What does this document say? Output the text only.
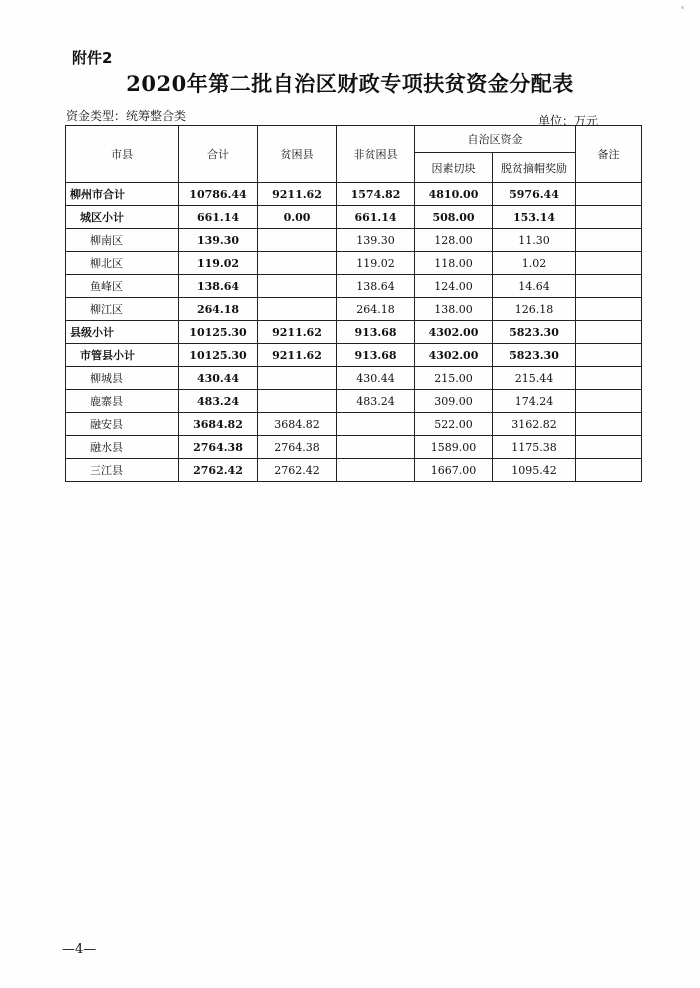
附件2
2020年第二批自治区财政专项扶贫资金分配表
资金类型：统筹整合类	单位：万元
市县	合计	贫困县	非贫困县	自治区资金		备注
				因素切块	脱贫摘帽奖励	
柳州市合计	10786.44	9211.62	1574.82	4810.00	5976.44	
城区小计	661.14	0.00	661.14	508.00	153.14	
柳南区	139.30		139.30	128.00	11.30	
柳北区	119.02		119.02	118.00	1.02	
鱼峰区	138.64		138.64	124.00	14.64	
柳江区	264.18		264.18	138.00	126.18	
县级小计	10125.30	9211.62	913.68	4302.00	5823.30	
市管县小计	10125.30	9211.62	913.68	4302.00	5823.30	
柳城县	430.44		430.44	215.00	215.44	
鹿寨县	483.24		483.24	309.00	174.24	
融安县	3684.82	3684.82		522.00	3162.82	
融水县	2764.38	2764.38		1589.00	1175.38	
三江县	2762.42	2762.42		1667.00	1095.42	
—4—
